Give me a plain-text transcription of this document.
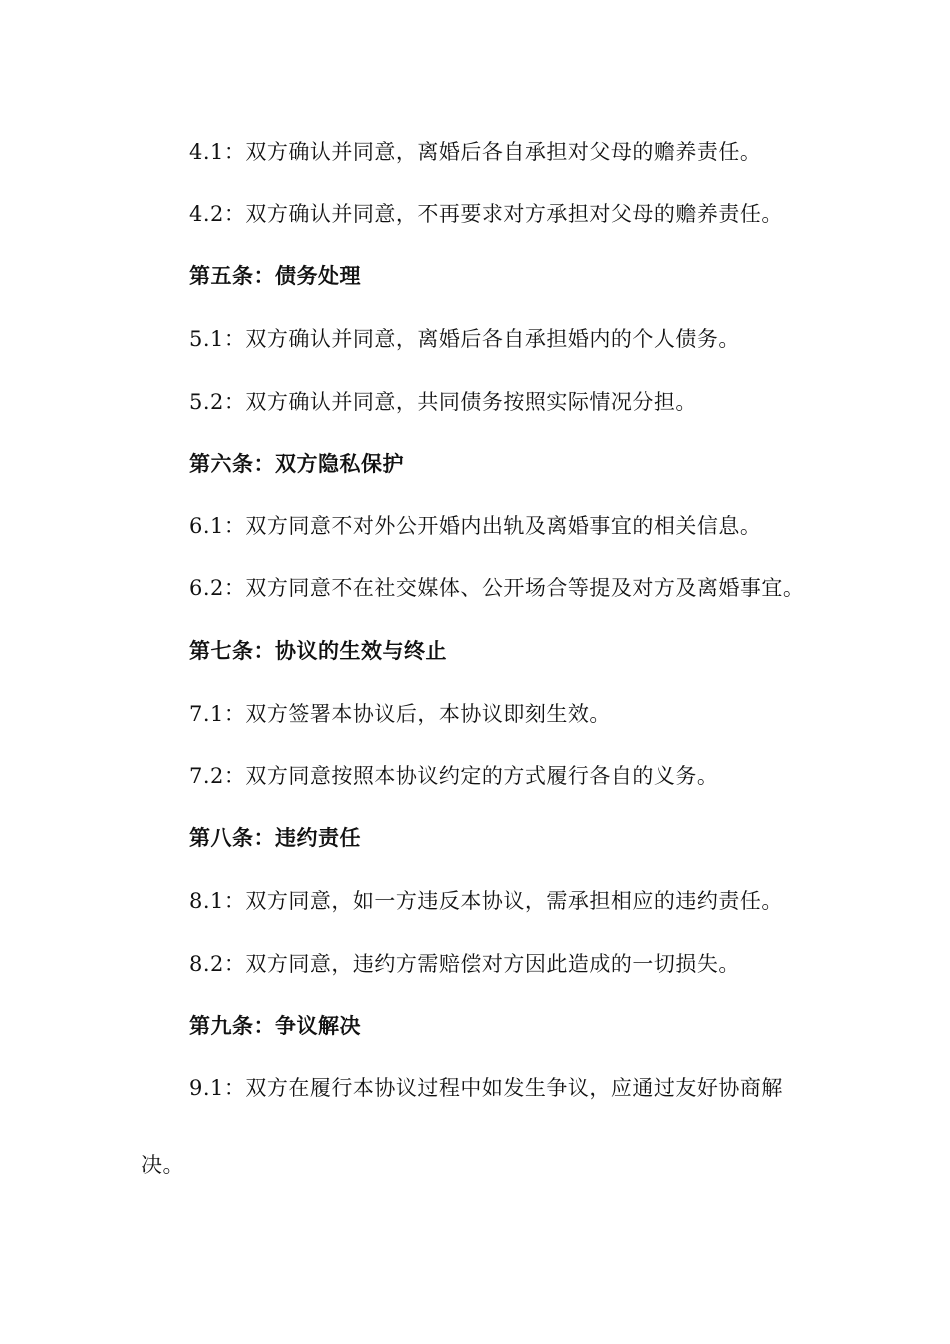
4.1：双方确认并同意，离婚后各自承担对父母的赡养责任。
4.2：双方确认并同意，不再要求对方承担对父母的赡养责任。
第五条：债务处理
5.1：双方确认并同意，离婚后各自承担婚内的个人债务。
5.2：双方确认并同意，共同债务按照实际情况分担。
第六条：双方隐私保护
6.1：双方同意不对外公开婚内出轨及离婚事宜的相关信息。
6.2：双方同意不在社交媒体、公开场合等提及对方及离婚事宜。
第七条：协议的生效与终止
7.1：双方签署本协议后，本协议即刻生效。
7.2：双方同意按照本协议约定的方式履行各自的义务。
第八条：违约责任
8.1：双方同意，如一方违反本协议，需承担相应的违约责任。
8.2：双方同意，违约方需赔偿对方因此造成的一切损失。
第九条：争议解决
9.1：双方在履行本协议过程中如发生争议，应通过友好协商解
决。
